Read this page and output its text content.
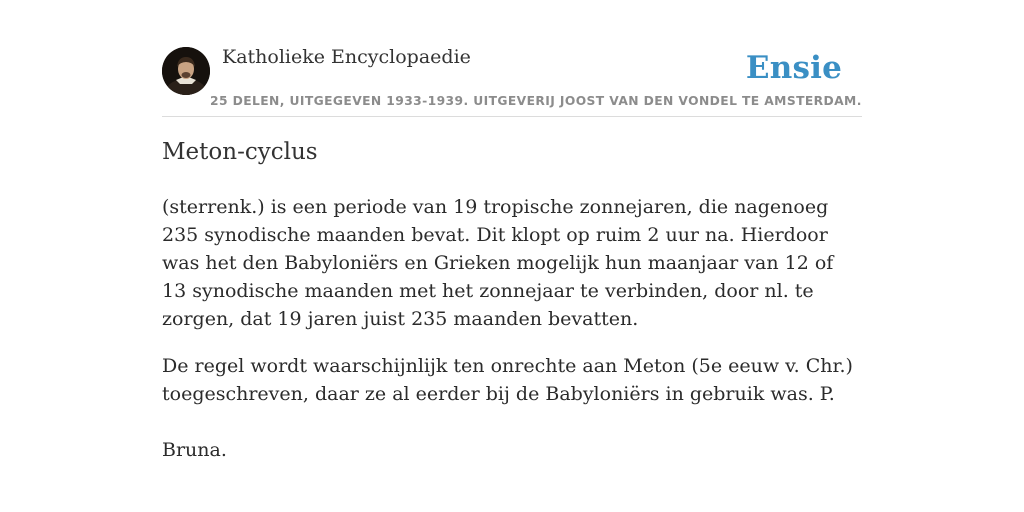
Katholieke Encyclopaedie	Ensie
25 DELEN, UITGEGEVEN 1933-1939. UITGEVERIJ JOOST VAN DEN VONDEL TE AMSTERDAM.
Meton-cyclus

(sterrenk.) is een periode van 19 tropische zonnejaren, die nagenoeg 235 synodische maanden bevat. Dit klopt op ruim 2 uur na. Hierdoor was het den Babyloniërs en Grieken mogelijk hun maanjaar van 12 of 13 synodische maanden met het zonnejaar te verbinden, door nl. te zorgen, dat 19 jaren juist 235 maanden bevatten.

De regel wordt waarschijnlijk ten onrechte aan Meton (5e eeuw v. Chr.) toegeschreven, daar ze al eerder bij de Babyloniërs in gebruik was. P.

Bruna.
